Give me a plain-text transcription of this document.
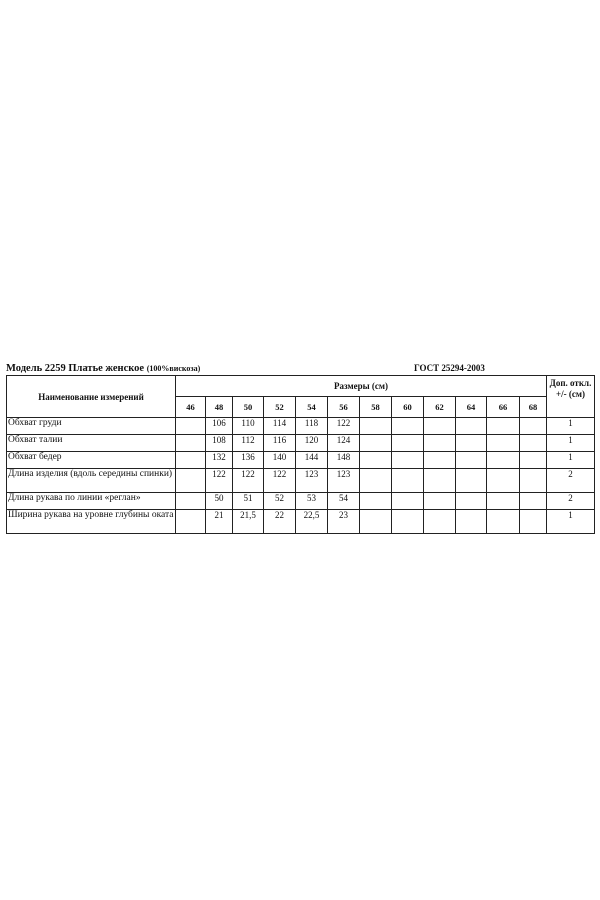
Модель 2259 Платье женское (100%вискоза)	ГОСТ 25294-2003
Наименование измерений	Размеры (см)												Доп. откл. +/- (см)
	46	48	50	52	54	56	58	60	62	64	66	68	
Обхват груди		106	110	114	118	122							1
Обхват талии		108	112	116	120	124							1
Обхват бедер		132	136	140	144	148							1
Длина изделия (вдоль середины спинки)		122	122	122	123	123							2
Длина рукава по линии «реглан»		50	51	52	53	54							2
Ширина рукава на уровне глубины оката		21	21,5	22	22,5	23							1
